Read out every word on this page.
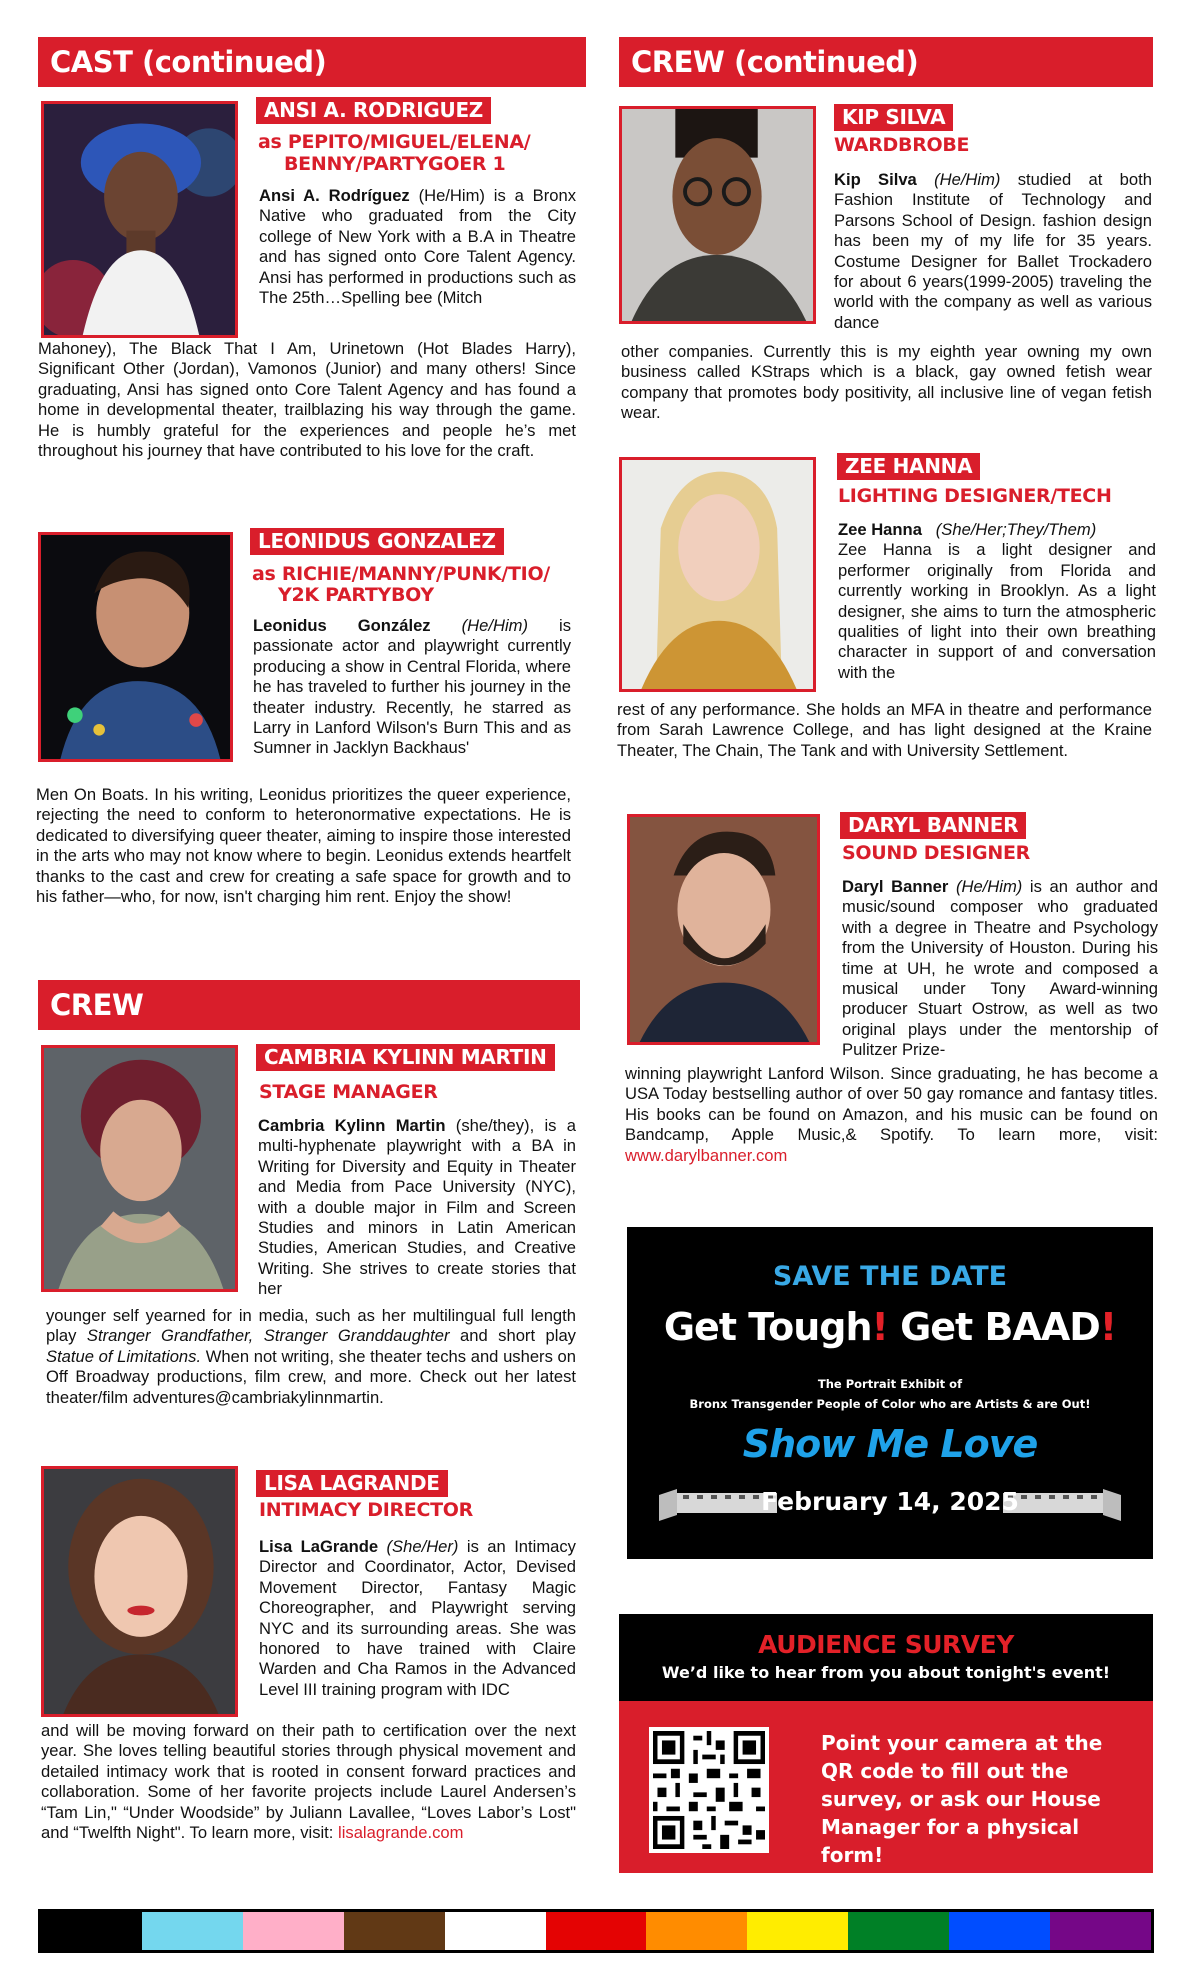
CAST (continued)
ANSI A. RODRIGUEZ
as PEPITO/MIGUEL/ELENA/
BENNY/PARTYGOER 1
Ansi A. Rodríguez (He/Him) is a Bronx Native who graduated from the City college of New York with a B.A in Theatre and has signed onto Core Talent Agency. Ansi has performed in productions such as The 25th…Spelling bee (Mitch
Mahoney), The Black That I Am, Urinetown (Hot Blades Harry), Significant Other (Jordan), Vamonos (Junior) and many others! Since graduating, Ansi has signed onto Core Talent Agency and has found a home in developmental theater, trailblazing his way through the game. He is humbly grateful for the experiences and people he’s met throughout his journey that have contributed to his love for the craft.
LEONIDUS GONZALEZ
as RICHIE/MANNY/PUNK/TIO/
Y2K PARTYBOY
Leonidus González (He/Him) is passionate actor and playwright currently producing a show in Central Florida, where he has traveled to further his journey in the theater industry. Recently, he starred as Larry in Lanford Wilson's Burn This and as Sumner in Jacklyn Backhaus'
Men On Boats. In his writing, Leonidus prioritizes the queer experience, rejecting the need to conform to heteronormative expectations. He is dedicated to diversifying queer theater, aiming to inspire those interested in the arts who may not know where to begin. Leonidus extends heartfelt thanks to the cast and crew for creating a safe space for growth and to his father—who, for now, isn't charging him rent. Enjoy the show!
CREW
CAMBRIA KYLINN MARTIN
STAGE MANAGER
Cambria Kylinn Martin (she/they), is a multi-hyphenate playwright with a BA in Writing for Diversity and Equity in Theater and Media from Pace University (NYC), with a double major in Film and Screen Studies and minors in Latin American Studies, American Studies, and Creative Writing. She strives to create stories that her
younger self yearned for in media, such as her multilingual full length play Stranger Grandfather, Stranger Granddaughter and short play Statue of Limitations. When not writing, she theater techs and ushers on Off Broadway productions, film crew, and more. Check out her latest theater/film adventures@cambriakylinnmartin.
LISA LAGRANDE
INTIMACY DIRECTOR
Lisa LaGrande (She/Her) is an Intimacy Director and Coordinator, Actor, Devised Movement Director, Fantasy Magic Choreographer, and Playwright serving NYC and its surrounding areas. She was honored to have trained with Claire Warden and Cha Ramos in the Advanced Level III training program with IDC
and will be moving forward on their path to certification over the next year. She loves telling beautiful stories through physical movement and detailed intimacy work that is rooted in consent forward practices and collaboration. Some of her favorite projects include Laurel Andersen’s “Tam Lin," “Under Woodside” by Juliann Lavallee, “Loves Labor’s Lost" and “Twelfth Night". To learn more, visit: lisalagrande.com
CREW (continued)
KIP SILVA
WARDBROBE
Kip Silva (He/Him) studied at both Fashion Institute of Technology and Parsons School of Design. fashion design has been my of my life for 35 years. Costume Designer for Ballet Trockadero for about 6 years(1999-2005) traveling the world with the company as well as various dance
other companies. Currently this is my eighth year owning my own business called KStraps which is a black, gay owned fetish wear company that promotes body positivity, all inclusive line of vegan fetish wear.
ZEE HANNA
LIGHTING DESIGNER/TECH
Zee Hanna (She/Her;They/Them)
Zee Hanna is a light designer and performer originally from Florida and currently working in Brooklyn. As a light designer, she aims to turn the atmospheric qualities of light into their own breathing character in support of and conversation with the
rest of any performance. She holds an MFA in theatre and performance from Sarah Lawrence College, and has light designed at the Kraine Theater, The Chain, The Tank and with University Settlement.
DARYL BANNER
SOUND DESIGNER
Daryl Banner (He/Him) is an author and music/sound composer who graduated with a degree in Theatre and Psychology from the University of Houston. During his time at UH, he wrote and composed a musical under Tony Award-winning producer Stuart Ostrow, as well as two original plays under the mentorship of Pulitzer Prize-
winning playwright Lanford Wilson. Since graduating, he has become a USA Today bestselling author of over 50 gay romance and fantasy titles. His books can be found on Amazon, and his music can be found on Bandcamp, Apple Music,& Spotify. To learn more, visit: www.darylbanner.com
SAVE THE DATE
Get Tough! Get BAAD!
The Portrait Exhibit of
Bronx Transgender People of Color who are Artists & are Out!
Show Me Love
February 14, 2025
AUDIENCE SURVEY
We’d like to hear from you about tonight's event!
Point your camera at the QR code to fill out the survey, or ask our House Manager for a physical form!
